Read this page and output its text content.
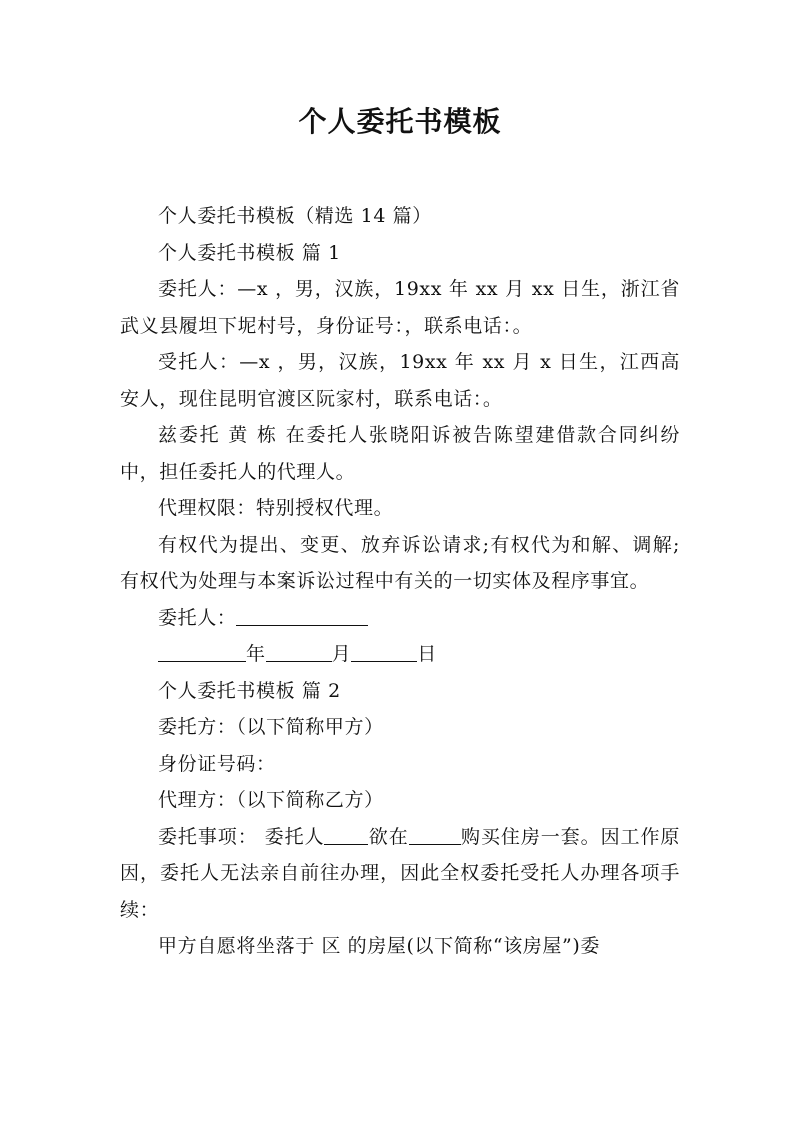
个人委托书模板

个人委托书模板（精选 14 篇）

个人委托书模板 篇 1

委托人：—x ，男，汉族，19xx 年 xx 月 xx 日生，浙江省武义县履坦下坭村号，身份证号：，联系电话：。

受托人：—x ，男，汉族，19xx 年 xx 月 x 日生，江西高安人，现住昆明官渡区阮家村，联系电话：。

兹委托 黄 栋 在委托人张晓阳诉被告陈望建借款合同纠纷中，担任委托人的代理人。

代理权限：特别授权代理。

有权代为提出、变更、放弃诉讼请求;有权代为和解、调解;有权代为处理与本案诉讼过程中有关的一切实体及程序事宜。

委托人：

年	月	日

个人委托书模板 篇 2

委托方：（以下简称甲方）

身份证号码：

代理方：（以下简称乙方）

委托事项： 委托人 欲在	购买住房一套。因工作原因，委托人无法亲自前往办理，因此全权委托受托人办理各项手续：

甲方自愿将坐落于 区 的房屋(以下简称“该房屋”)委
